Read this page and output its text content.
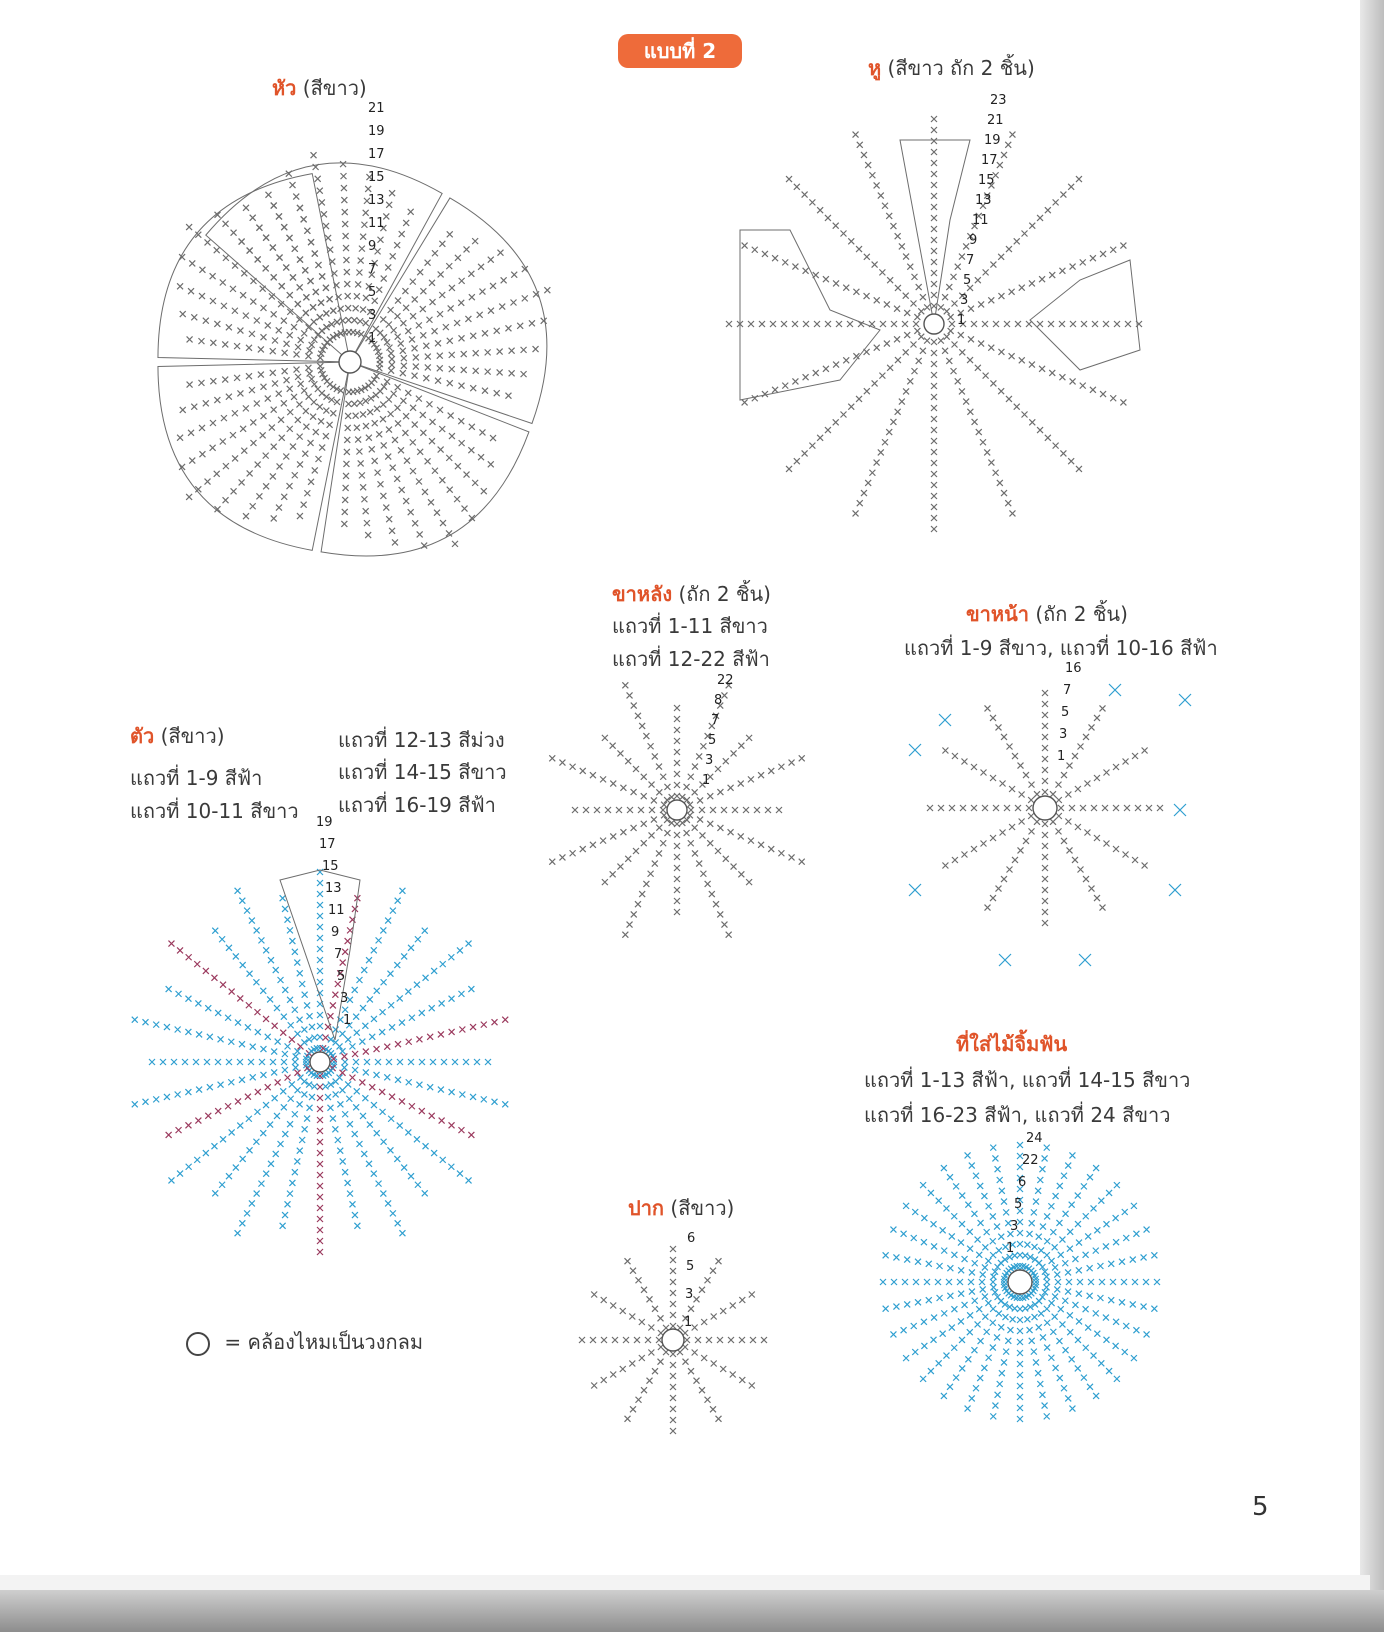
แบบที่ 2
หัว (สีขาว)
21
19
17
15
13
11
9
7
5
3
1
หู (สีขาว ถัก 2 ชิ้น)
23
21
19
17
15
13
11
9
7
5
3
1
ขาหลัง (ถัก 2 ชิ้น)
แถวที่ 1-11 สีขาว
แถวที่ 12-22 สีฟ้า
22
8
7
5
3
1
ขาหน้า (ถัก 2 ชิ้น)
แถวที่ 1-9 สีขาว, แถวที่ 10-16 สีฟ้า
16
7
5
3
1
ตัว (สีขาว)
แถวที่ 1-9 สีฟ้า
แถวที่ 10-11 สีขาว
แถวที่ 12-13 สีม่วง
แถวที่ 14-15 สีขาว
แถวที่ 16-19 สีฟ้า
19
17
15
13
11
9
7
5
3
1
ที่ใส่ไม้จิ้มฟัน
แถวที่ 1-13 สีฟ้า, แถวที่ 14-15 สีขาว
แถวที่ 16-23 สีฟ้า, แถวที่ 24 สีขาว
24
22
6
5
3
1
ปาก (สีขาว)
6
5
3
1
= คล้องไหมเป็นวงกลม
5
